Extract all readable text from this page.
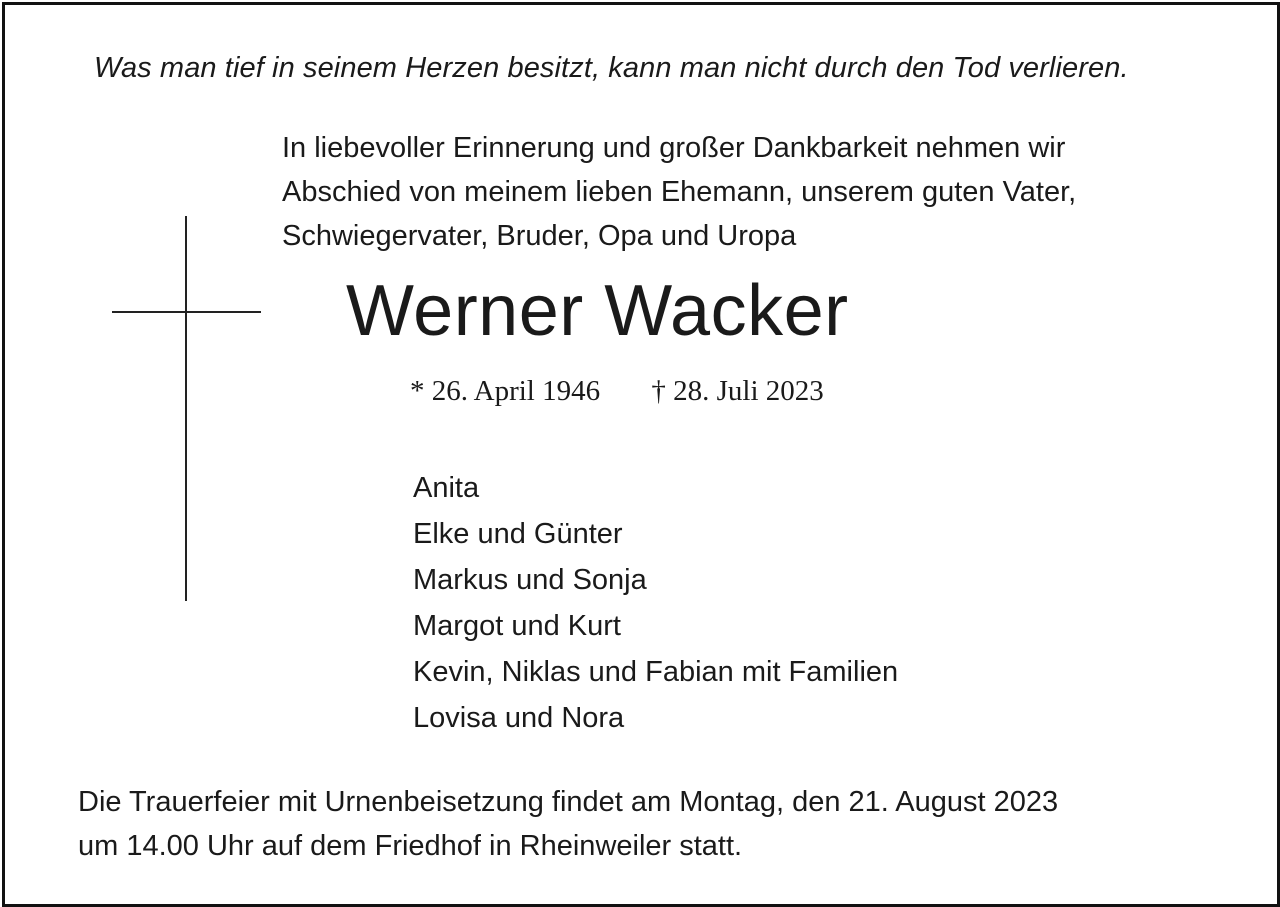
Was man tief in seinem Herzen besitzt, kann man nicht durch den Tod verlieren.
In liebevoller Erinnerung und großer Dankbarkeit nehmen wir
Abschied von meinem lieben Ehemann, unserem guten Vater,
Schwiegervater, Bruder, Opa und Uropa
Werner Wacker
* 26. April 1946 † 28. Juli 2023
Anita
Elke und Günter
Markus und Sonja
Margot und Kurt
Kevin, Niklas und Fabian mit Familien
Lovisa und Nora
Die Trauerfeier mit Urnenbeisetzung findet am Montag, den 21. August 2023
um 14.00 Uhr auf dem Friedhof in Rheinweiler statt.
